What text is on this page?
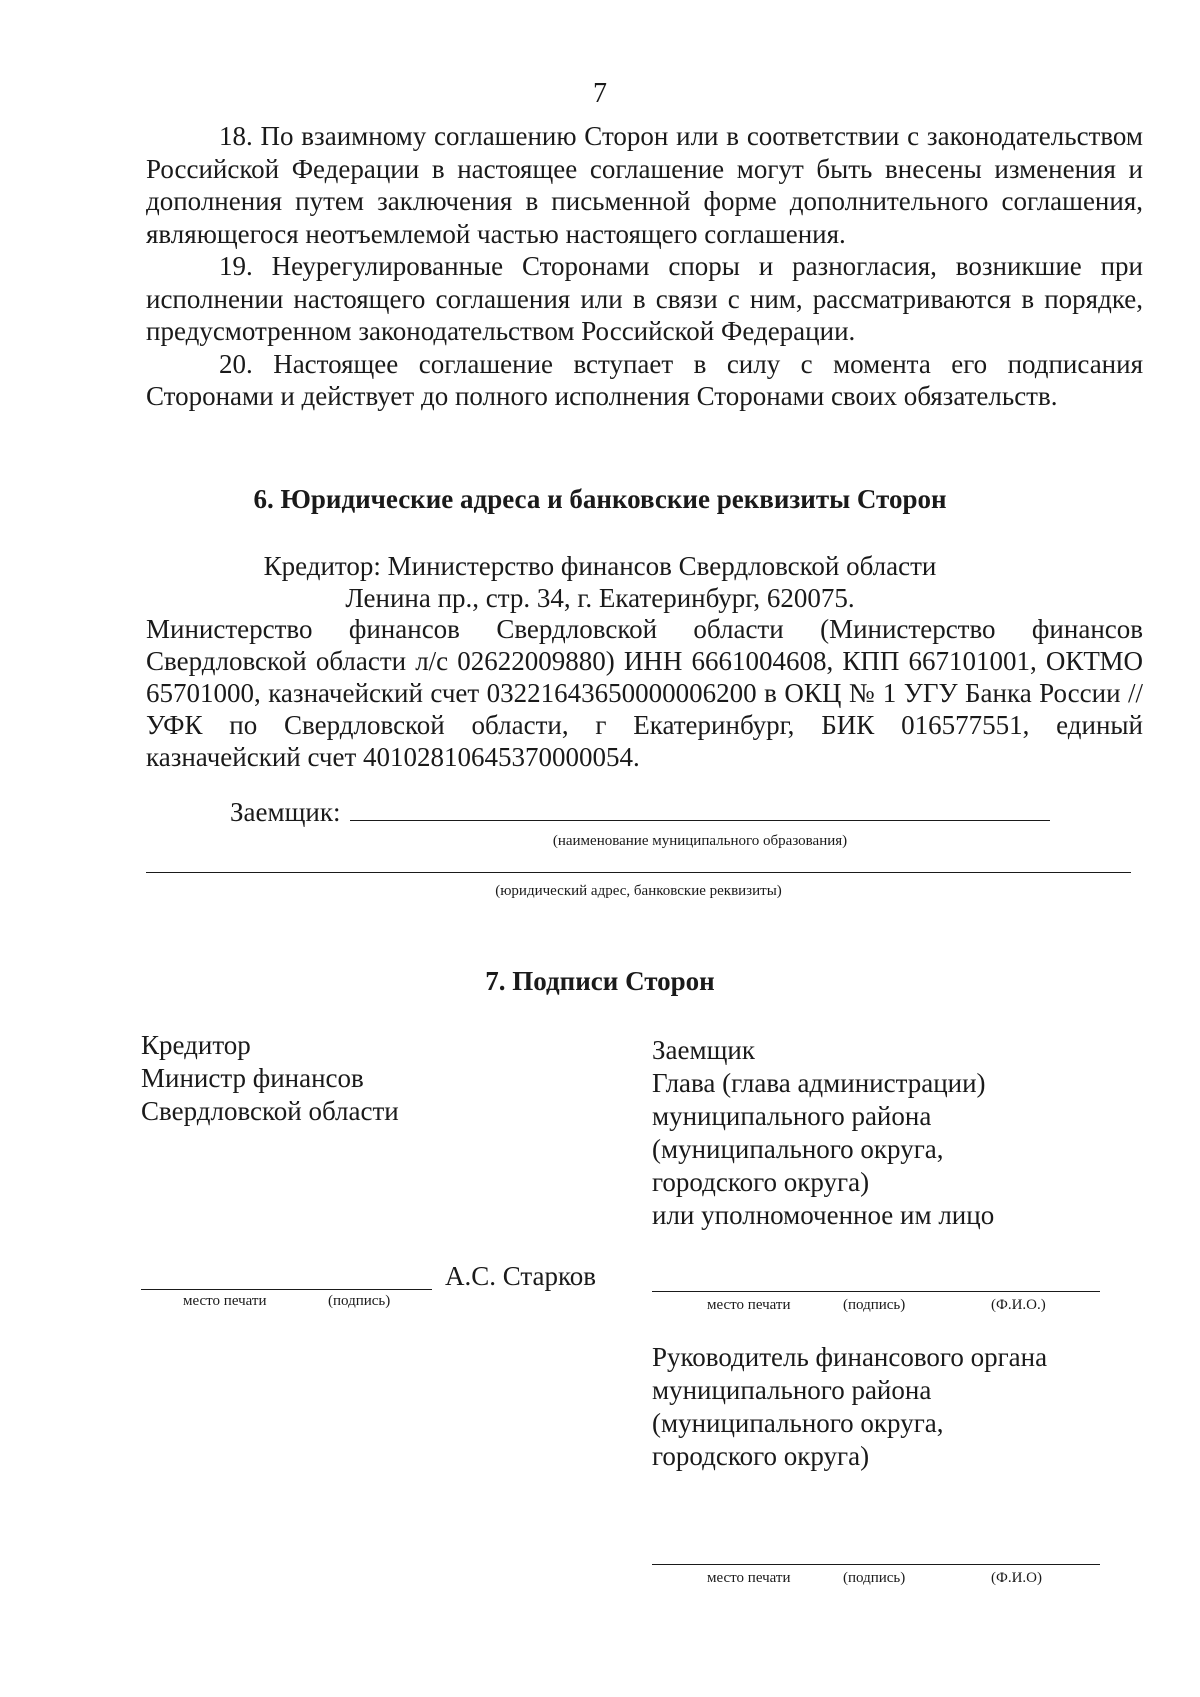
7

18. По взаимному соглашению Сторон или в соответствии с законодательством Российской Федерации в настоящее соглашение могут быть внесены изменения и дополнения путем заключения в письменной форме дополнительного соглашения, являющегося неотъемлемой частью настоящего соглашения.

19. Неурегулированные Сторонами споры и разногласия, возникшие при исполнении настоящего соглашения или в связи с ним, рассматриваются в порядке, предусмотренном законодательством Российской Федерации.

20. Настоящее соглашение вступает в силу с момента его подписания Сторонами и действует до полного исполнения Сторонами своих обязательств.

6. Юридические адреса и банковские реквизиты Сторон
Кредитор: Министерство финансов Свердловской области
Ленина пр., стр. 34, г. Екатеринбург, 620075.

Министерство финансов Свердловской области (Министерство финансов Свердловской области л/с 02622009880) ИНН 6661004608, КПП 667101001, ОКТМО 65701000, казначейский счет 03221643650000006200 в ОКЦ № 1 УГУ Банка России //УФК по Свердловской области, г Екатеринбург, БИК 016577551, единый казначейский счет 40102810645370000054.

Заемщик:
(наименование муниципального образования)
(юридический адрес, банковские реквизиты)
7. Подписи Сторон
Кредитор
Министр финансов
Свердловской области
А.С. Старков
место печати	(подпись)
Заемщик
Глава (глава администрации)
муниципального района
(муниципального округа,
городского округа)
или уполномоченное им лицо
место печати	(подпись)	(Ф.И.О.)
Руководитель финансового органа
муниципального района
(муниципального округа,
городского округа)
место печати	(подпись)	(Ф.И.О)
